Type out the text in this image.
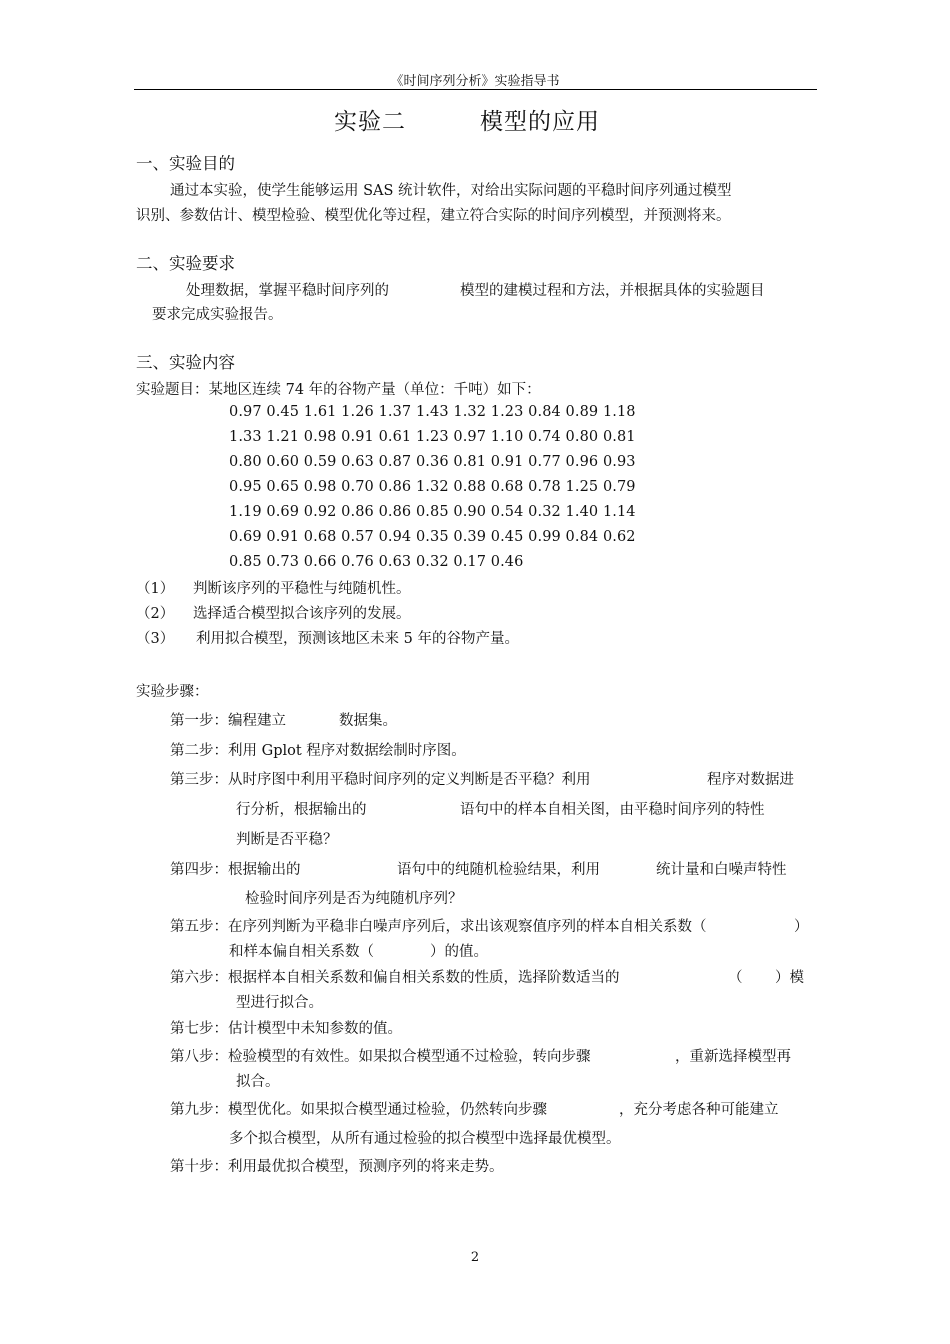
《时间序列分析》实验指导书
实验二	模型的应用
一、实验目的
通过本实验，使学生能够运用 SAS 统计软件，对给出实际问题的平稳时间序列通过模型
识别、参数估计、模型检验、模型优化等过程，建立符合实际的时间序列模型，并预测将来。
二、实验要求
处理数据，掌握平稳时间序列的	模型的建模过程和方法，并根据具体的实验题目
要求完成实验报告。
三、实验内容
实验题目：某地区连续 74 年的谷物产量（单位：千吨）如下：
0.97 0.45 1.61 1.26 1.37 1.43 1.32 1.23 0.84 0.89 1.18
1.33 1.21 0.98 0.91 0.61 1.23 0.97 1.10 0.74 0.80 0.81
0.80 0.60 0.59 0.63 0.87 0.36 0.81 0.91 0.77 0.96 0.93
0.95 0.65 0.98 0.70 0.86 1.32 0.88 0.68 0.78 1.25 0.79
1.19 0.69 0.92 0.86 0.86 0.85 0.90 0.54 0.32 1.40 1.14
0.69 0.91 0.68 0.57 0.94 0.35 0.39 0.45 0.99 0.84 0.62
0.85 0.73 0.66 0.76 0.63 0.32 0.17 0.46
（1） 判断该序列的平稳性与纯随机性。
（2） 选择适合模型拟合该序列的发展。
（3） 利用拟合模型，预测该地区未来 5 年的谷物产量。
实验步骤：
第一步：编程建立	数据集。
第二步：利用 Gplot 程序对数据绘制时序图。
第三步：从时序图中利用平稳时间序列的定义判断是否平稳？利用	程序对数据进
行分析，根据输出的	语句中的样本自相关图，由平稳时间序列的特性
判断是否平稳？
第四步：根据输出的	语句中的纯随机检验结果，利用	统计量和白噪声特性
检验时间序列是否为纯随机序列？
第五步：在序列判断为平稳非白噪声序列后，求出该观察值序列的样本自相关系数（	）
和样本偏自相关系数（	）的值。
第六步：根据样本自相关系数和偏自相关系数的性质，选择阶数适当的	（ ）模
型进行拟合。
第七步：估计模型中未知参数的值。
第八步：检验模型的有效性。如果拟合模型通不过检验，转向步骤	，重新选择模型再
拟合。
第九步：模型优化。如果拟合模型通过检验，仍然转向步骤	，充分考虑各种可能建立
多个拟合模型，从所有通过检验的拟合模型中选择最优模型。
第十步：利用最优拟合模型，预测序列的将来走势。
2
